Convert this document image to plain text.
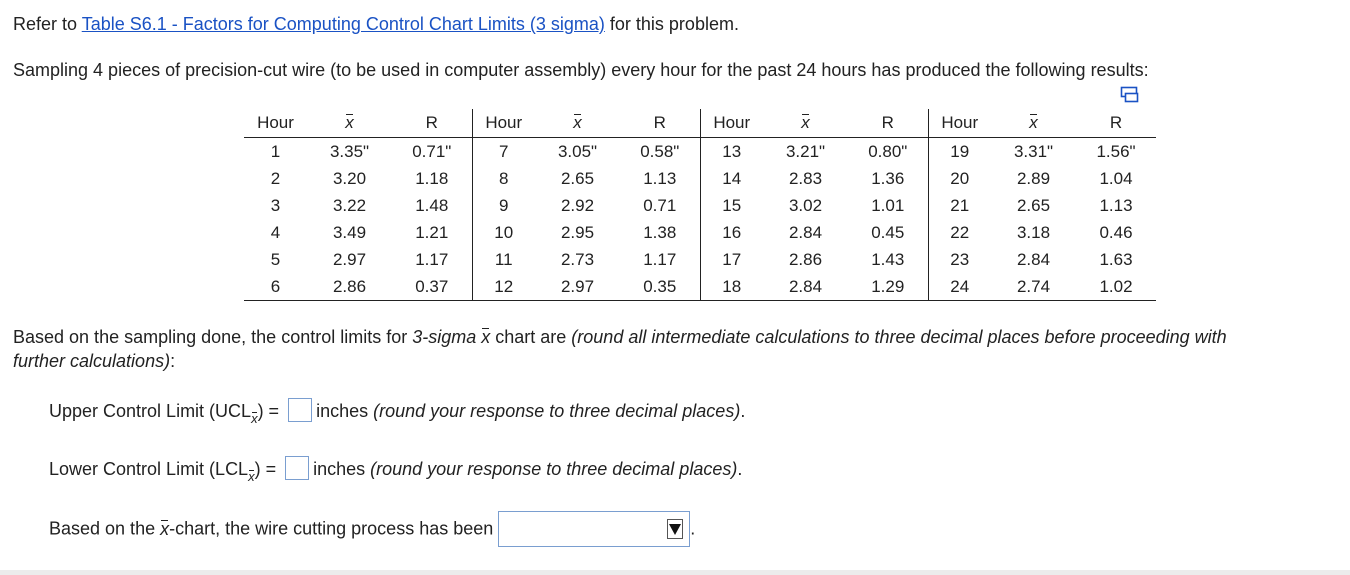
Refer to Table S6.1 - Factors for Computing Control Chart Limits (3 sigma) for this problem.
Sampling 4 pieces of precision-cut wire (to be used in computer assembly) every hour for the past 24 hours has produced the following results:
Hour	x	R	Hour	x	R	Hour	x	R	Hour	x	R
1	3.35"	0.71"	7	3.05"	0.58"	13	3.21"	0.80"	19	3.31"	1.56"
2	3.20	1.18	8	2.65	1.13	14	2.83	1.36	20	2.89	1.04
3	3.22	1.48	9	2.92	0.71	15	3.02	1.01	21	2.65	1.13
4	3.49	1.21	10	2.95	1.38	16	2.84	0.45	22	3.18	0.46
5	2.97	1.17	11	2.73	1.17	17	2.86	1.43	23	2.84	1.63
6	2.86	0.37	12	2.97	0.35	18	2.84	1.29	24	2.74	1.02
Based on the sampling done, the control limits for 3-sigma x chart are (round all intermediate calculations to three decimal places before proceeding with
further calculations):
Upper Control Limit (UCLx) = inches (round your response to three decimal places).
Lower Control Limit (LCLx) = inches (round your response to three decimal places).
Based on the x-chart, the wire cutting process has been	.
